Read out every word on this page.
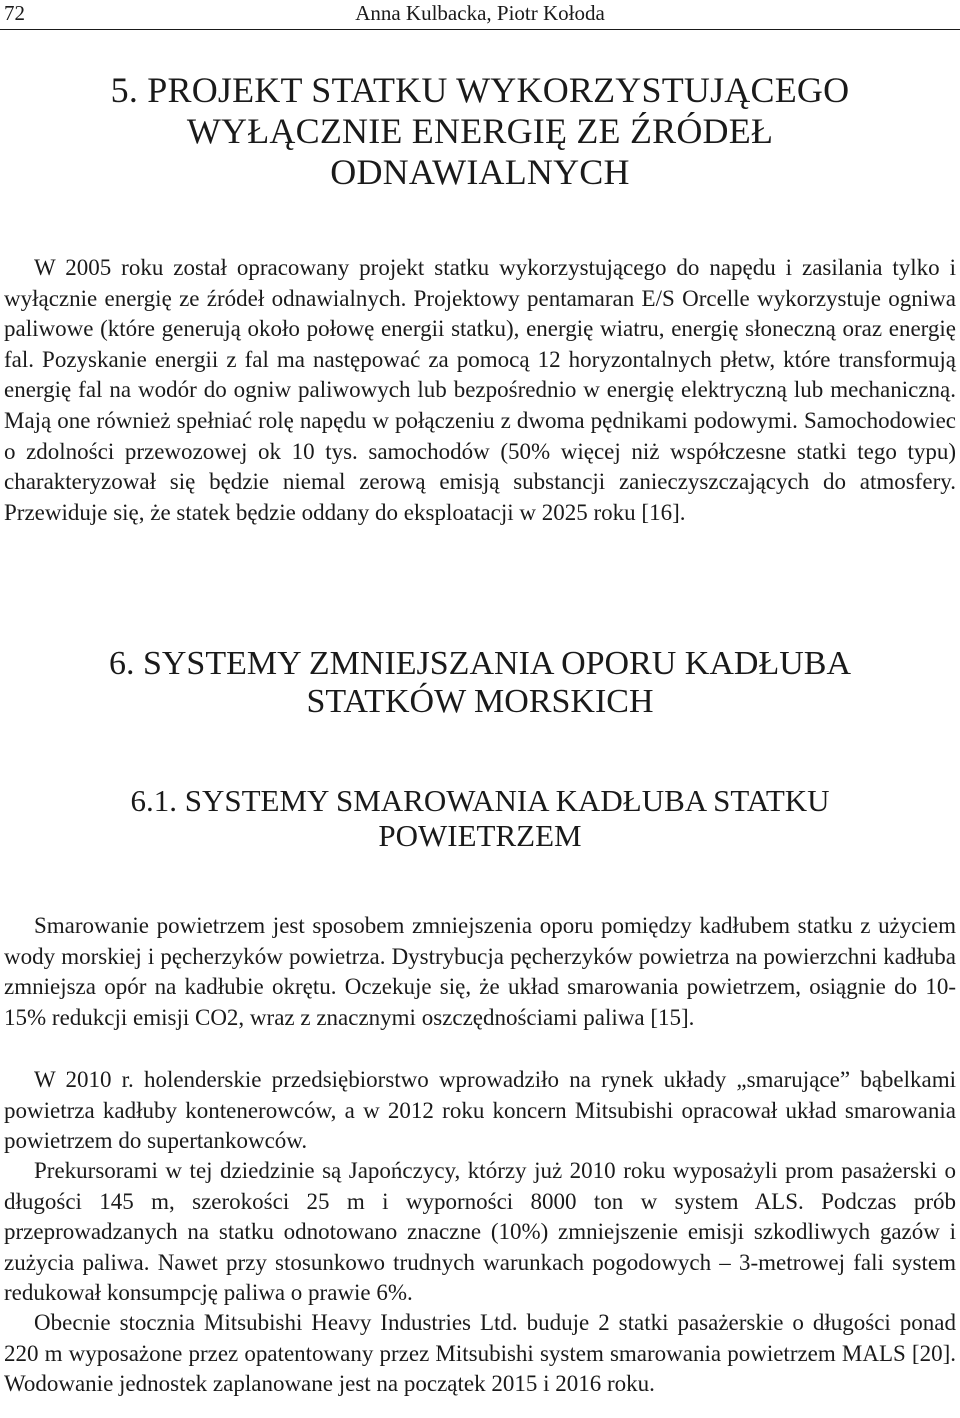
72	Anna Kulbacka, Piotr Kołoda
5. PROJEKT STATKU WYKORZYSTUJĄCEGO
WYŁĄCZNIE ENERGIĘ ZE ŹRÓDEŁ
ODNAWIALNYCH

W 2005 roku został opracowany projekt statku wykorzystującego do napędu i zasilania tylko i wyłącznie energię ze źródeł odnawialnych. Projektowy pentamaran E/S Orcelle wykorzystuje ogniwa paliwowe (które generują około połowę energii statku), energię wiatru, energię słoneczną oraz energię fal. Pozyskanie energii z fal ma następować za pomocą 12 horyzontalnych płetw, które transformują energię fal na wodór do ogniw paliwowych lub bezpośrednio w energię elektryczną lub mechaniczną. Mają one również spełniać rolę napędu w połączeniu z dwoma pędnikami podowymi. Samochodowiec o zdolności przewozowej ok 10 tys. samochodów (50% więcej niż współczesne statki tego typu) charakteryzował się będzie niemal zerową emisją substancji zanieczyszczających do atmosfery. Przewiduje się, że statek będzie oddany do eksploatacji w 2025 roku [16].

6. SYSTEMY ZMNIEJSZANIA OPORU KADŁUBA
STATKÓW MORSKICH
6.1. SYSTEMY SMAROWANIA KADŁUBA STATKU
POWIETRZEM

Smarowanie powietrzem jest sposobem zmniejszenia oporu pomiędzy kadłubem statku z użyciem wody morskiej i pęcherzyków powietrza. Dystrybucja pęcherzyków powietrza na powierzchni kadłuba zmniejsza opór na kadłubie okrętu. Oczekuje się, że układ smarowania powietrzem, osiągnie do 10-15% redukcji emisji CO2, wraz z znacznymi oszczędnościami paliwa [15].

W 2010 r. holenderskie przedsiębiorstwo wprowadziło na rynek układy „smarujące” bąbelkami powietrza kadłuby kontenerowców, a w 2012 roku koncern Mitsubishi opracował układ smarowania powietrzem do supertankowców.

Prekursorami w tej dziedzinie są Japończycy, którzy już 2010 roku wyposażyli prom pasażerski o długości 145 m, szerokości 25 m i wyporności 8000 ton w system ALS. Podczas prób przeprowadzanych na statku odnotowano znaczne (10%) zmniejszenie emisji szkodliwych gazów i zużycia paliwa. Nawet przy stosunkowo trudnych warunkach pogodowych – 3-metrowej fali system redukował konsumpcję paliwa o prawie 6%.

Obecnie stocznia Mitsubishi Heavy Industries Ltd. buduje 2 statki pasażerskie o długości ponad 220 m wyposażone przez opatentowany przez Mitsubishi system smarowania powietrzem MALS [20]. Wodowanie jednostek zaplanowane jest na początek 2015 i 2016 roku.
